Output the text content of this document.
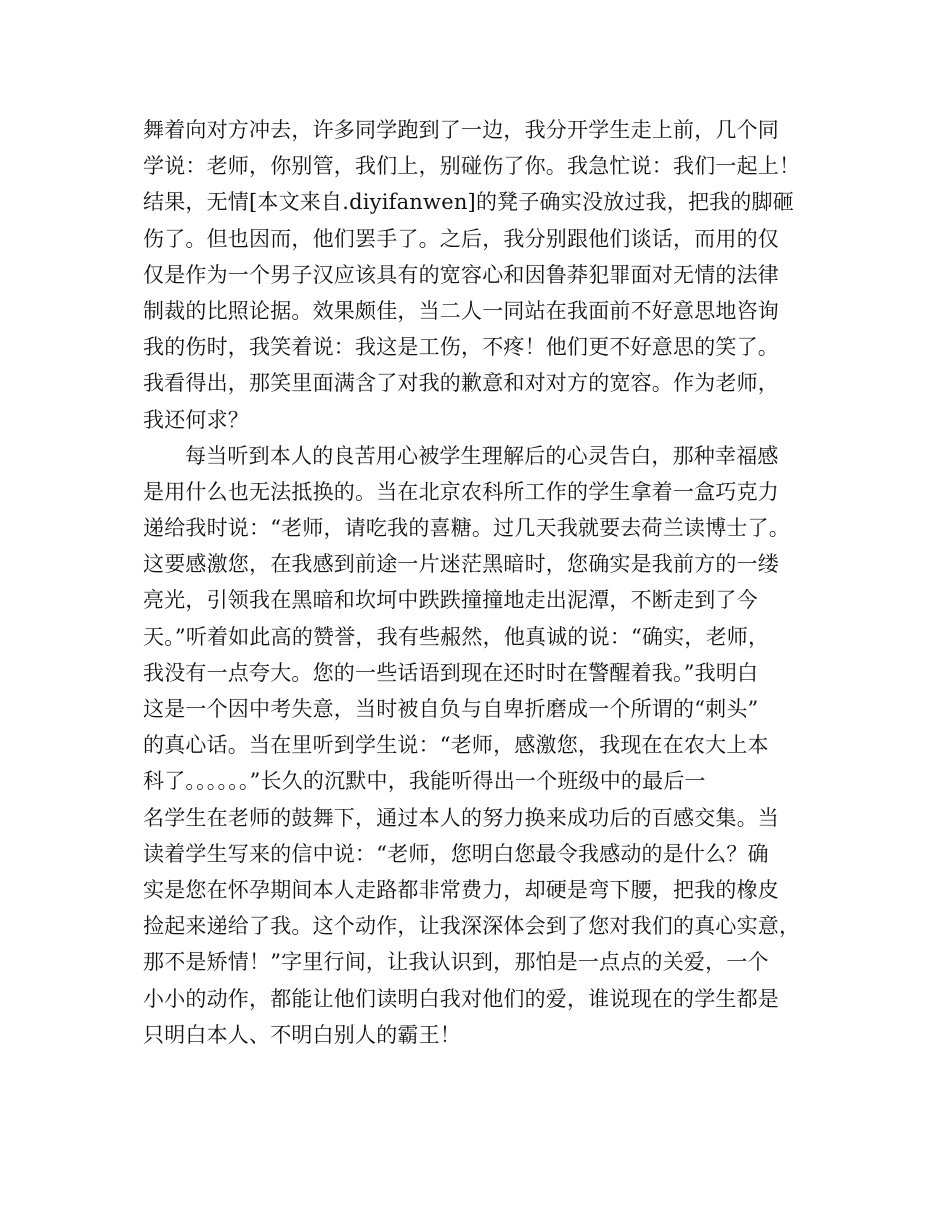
舞着向对方冲去，许多同学跑到了一边，我分开学生走上前，几个同
学说：老师，你别管，我们上，别碰伤了你。我急忙说：我们一起上！
结果，无情[本文来自.diyifanwen]的凳子确实没放过我，把我的脚砸
伤了。但也因而，他们罢手了。之后，我分别跟他们谈话，而用的仅
仅是作为一个男子汉应该具有的宽容心和因鲁莽犯罪面对无情的法律
制裁的比照论据。效果颇佳，当二人一同站在我面前不好意思地咨询
我的伤时，我笑着说：我这是工伤，不疼！他们更不好意思的笑了。
我看得出，那笑里面满含了对我的歉意和对对方的宽容。作为老师，
我还何求？
每当听到本人的良苦用心被学生理解后的心灵告白，那种幸福感
是用什么也无法抵换的。当在北京农科所工作的学生拿着一盒巧克力
递给我时说：“老师，请吃我的喜糖。过几天我就要去荷兰读博士了。
这要感激您，在我感到前途一片迷茫黑暗时，您确实是我前方的一缕
亮光，引领我在黑暗和坎坷中跌跌撞撞地走出泥潭，不断走到了今
天。”听着如此高的赞誉，我有些赧然，他真诚的说：“确实，老师，
我没有一点夸大。您的一些话语到现在还时时在警醒着我。”我明白
这是一个因中考失意，当时被自负与自卑折磨成一个所谓的“刺头”
的真心话。当在里听到学生说：“老师，感激您，我现在在农大上本
科了。。。。。。”长久的沉默中，我能听得出一个班级中的最后一
名学生在老师的鼓舞下，通过本人的努力换来成功后的百感交集。当
读着学生写来的信中说：“老师，您明白您最令我感动的是什么？确
实是您在怀孕期间本人走路都非常费力，却硬是弯下腰，把我的橡皮
捡起来递给了我。这个动作，让我深深体会到了您对我们的真心实意，
那不是矫情！”字里行间，让我认识到，那怕是一点点的关爱，一个
小小的动作，都能让他们读明白我对他们的爱，谁说现在的学生都是
只明白本人、不明白别人的霸王！
